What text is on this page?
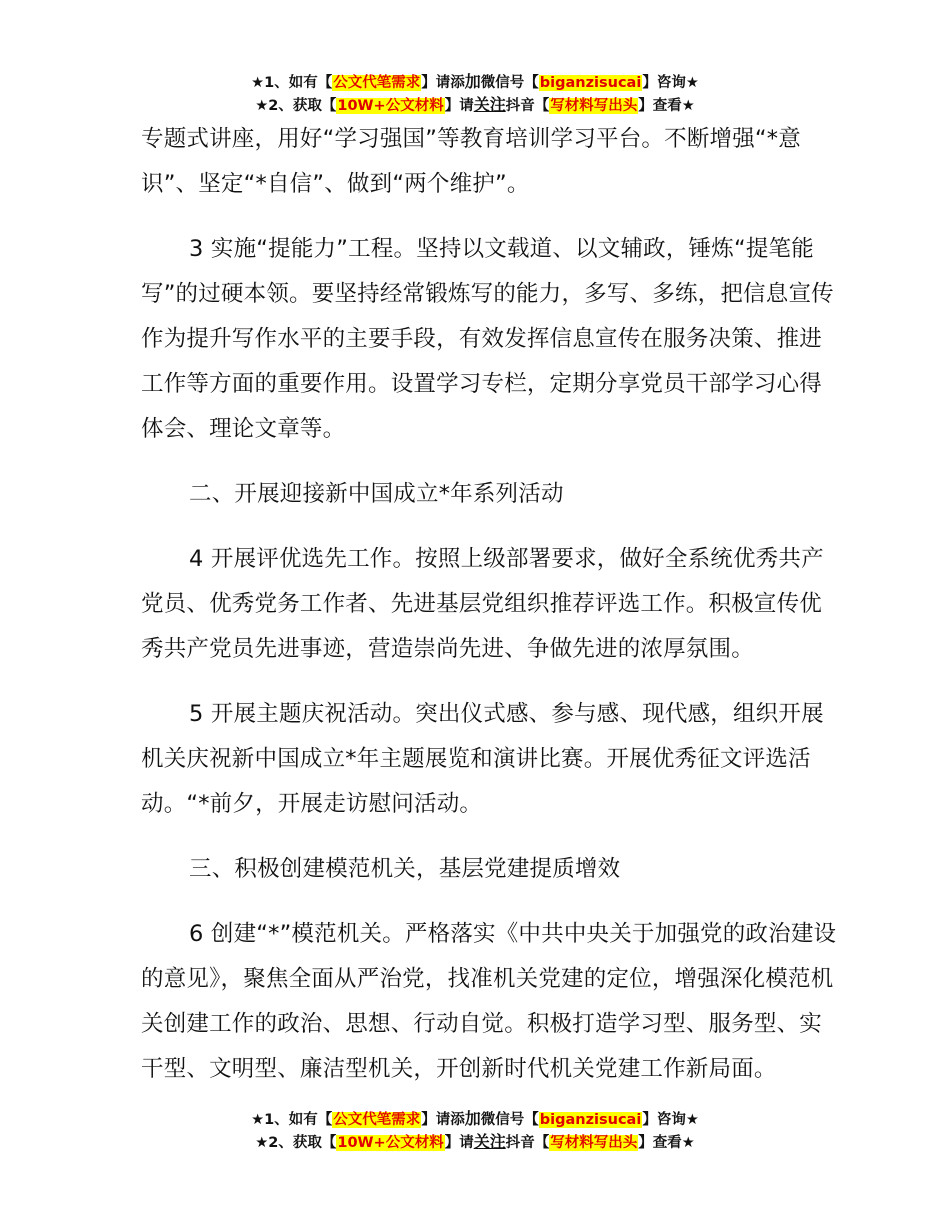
★1、如有【公文代笔需求】请添加微信号【biganzisucai】咨询★
★2、获取【10W+公文材料】请关注抖音【写材料写出头】查看★

专题式讲座，用好“学习强国”等教育培训学习平台。不断增强“*意识”、坚定“*自信”、做到“两个维护”。

3 实施“提能力”工程。坚持以文载道、以文辅政，锤炼“提笔能写”的过硬本领。要坚持经常锻炼写的能力，多写、多练，把信息宣传作为提升写作水平的主要手段，有效发挥信息宣传在服务决策、推进工作等方面的重要作用。设置学习专栏，定期分享党员干部学习心得体会、理论文章等。

二、开展迎接新中国成立*年系列活动

4 开展评优选先工作。按照上级部署要求，做好全系统优秀共产党员、优秀党务工作者、先进基层党组织推荐评选工作。积极宣传优秀共产党员先进事迹，营造崇尚先进、争做先进的浓厚氛围。

5 开展主题庆祝活动。突出仪式感、参与感、现代感，组织开展机关庆祝新中国成立*年主题展览和演讲比赛。开展优秀征文评选活动。“*前夕，开展走访慰问活动。

三、积极创建模范机关，基层党建提质增效

6 创建“*”模范机关。严格落实《中共中央关于加强党的政治建设的意见》，聚焦全面从严治党，找准机关党建的定位，增强深化模范机关创建工作的政治、思想、行动自觉。积极打造学习型、服务型、实干型、文明型、廉洁型机关，开创新时代机关党建工作新局面。

★1、如有【公文代笔需求】请添加微信号【biganzisucai】咨询★
★2、获取【10W+公文材料】请关注抖音【写材料写出头】查看★
